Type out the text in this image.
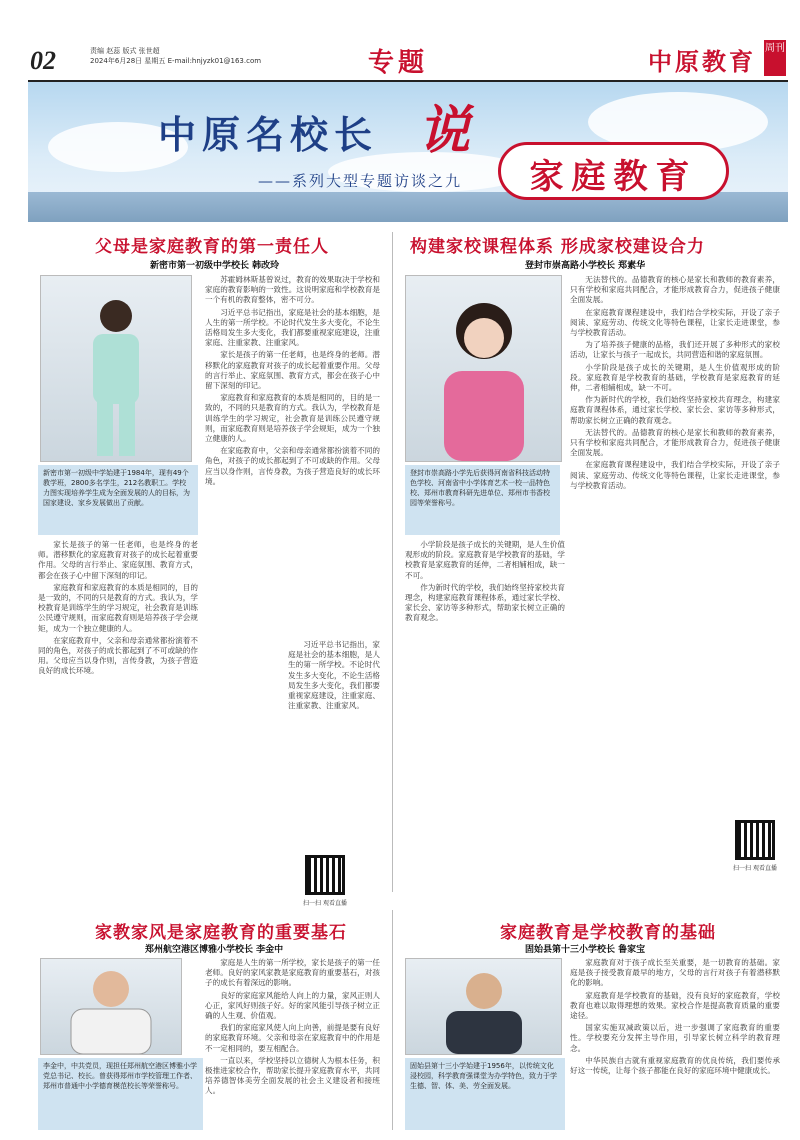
02	责编 赵蕊 版式 张世超
2024年6月28日 星期五 E-mail:hnjyzk01@163.com	专题	中原教育 周刊
中原名校长 说
——系列大型专题访谈之九	家庭教育
父母是家庭教育的第一责任人
新密市第一初级中学校长 韩改玲
新密市第一初级中学始建于1984年，现有49个教学班，2800多名学生，212名教职工。学校力图实现培养学生成为全面发展的人的目标，为国家建设、家乡发展做出了贡献。

家长是孩子的第一任老师，也是终身的老师。潜移默化的家庭教育对孩子的成长起着重要作用。父母的言行举止、家庭氛围、教育方式，都会在孩子心中留下深刻的印记。

家庭教育和家庭教育的本质是相同的，目的是一致的，不同的只是教育的方式。我认为，学校教育是训练学生的学习规定，社会教育是训练公民遵守规则，而家庭教育则是培养孩子学会规矩，成为一个独立健康的人。

在家庭教育中，父亲和母亲通常都扮演着不同的角色，对孩子的成长都起到了不可或缺的作用。父母应当以身作则，言传身教，为孩子营造良好的成长环境。

苏霍姆林斯基曾说过，教育的效果取决于学校和家庭的教育影响的一致性。这说明家庭和学校教育是一个有机的教育整体，密不可分。

习近平总书记指出，家庭是社会的基本细胞，是人生的第一所学校。不论时代发生多大变化，不论生活格局发生多大变化，我们都要重视家庭建设，注重家庭、注重家教、注重家风。

家长是孩子的第一任老师，也是终身的老师。潜移默化的家庭教育对孩子的成长起着重要作用。父母的言行举止、家庭氛围、教育方式，都会在孩子心中留下深刻的印记。

家庭教育和家庭教育的本质是相同的，目的是一致的，不同的只是教育的方式。我认为，学校教育是训练学生的学习规定，社会教育是训练公民遵守规则，而家庭教育则是培养孩子学会规矩，成为一个独立健康的人。

在家庭教育中，父亲和母亲通常都扮演着不同的角色，对孩子的成长都起到了不可或缺的作用。父母应当以身作则，言传身教，为孩子营造良好的成长环境。

习近平总书记指出，家庭是社会的基本细胞，是人生的第一所学校。不论时代发生多大变化，不论生活格局发生多大变化，我们都要重视家庭建设，注重家庭、注重家教、注重家风。

扫一扫 观看直播
构建家校课程体系 形成家校建设合力
登封市崇高路小学校长 郑素华
登封市崇高路小学先后获得河南省科技活动特色学校、河南省中小学体育艺术一校一品特色校、郑州市教育科研先进单位、郑州市书香校园等荣誉称号。

小学阶段是孩子成长的关键期，是人生价值观形成的阶段。家庭教育是学校教育的基础，学校教育是家庭教育的延伸，二者相辅相成，缺一不可。

作为新时代的学校，我们始终坚持家校共育理念，构建家庭教育课程体系，通过家长学校、家长会、家访等多种形式，帮助家长树立正确的教育观念。

无法替代的。品德教育的核心是家长和教师的教育素养，只有学校和家庭共同配合，才能形成教育合力，促进孩子健康全面发展。

在家庭教育课程建设中，我们结合学校实际，开设了亲子阅读、家庭劳动、传统文化等特色课程，让家长走进课堂，参与学校教育活动。

为了培养孩子健康的品格，我们还开展了多种形式的家校活动，让家长与孩子一起成长，共同营造和谐的家庭氛围。

小学阶段是孩子成长的关键期，是人生价值观形成的阶段。家庭教育是学校教育的基础，学校教育是家庭教育的延伸，二者相辅相成，缺一不可。

作为新时代的学校，我们始终坚持家校共育理念，构建家庭教育课程体系，通过家长学校、家长会、家访等多种形式，帮助家长树立正确的教育观念。

无法替代的。品德教育的核心是家长和教师的教育素养，只有学校和家庭共同配合，才能形成教育合力，促进孩子健康全面发展。

在家庭教育课程建设中，我们结合学校实际，开设了亲子阅读、家庭劳动、传统文化等特色课程，让家长走进课堂，参与学校教育活动。

扫一扫 观看直播
家教家风是家庭教育的重要基石
郑州航空港区博雅小学校长 李金中
李金中，中共党员，现担任郑州航空港区博雅小学党总书记、校长。曾获得郑州市学校管理工作者、郑州市普通中小学德育模范校长等荣誉称号。

家庭是人生的第一所学校，家长是孩子的第一任老师。良好的家风家教是家庭教育的重要基石，对孩子的成长有着深远的影响。

良好的家庭家风能给人向上的力量，家风正则人心正，家风好则孩子好。好的家风能引导孩子树立正确的人生观、价值观。

我们的家庭家风使人向上向善，前提是要有良好的家庭教育环境。父亲和母亲在家庭教育中的作用是不一定相同的，要互相配合。

一直以来，学校坚持以立德树人为根本任务，积极推进家校合作，帮助家长提升家庭教育水平，共同培养德智体美劳全面发展的社会主义建设者和接班人。

家庭教育是学校教育的基础
固始县第十三小学校长 鲁家宝
固始县第十三小学始建于1956年，以传统文化浸校园，科学教育强课堂为办学特色，致力于学生德、智、体、美、劳全面发展。

家庭教育对于孩子成长至关重要，是一切教育的基础。家庭是孩子接受教育最早的地方，父母的言行对孩子有着潜移默化的影响。

家庭教育是学校教育的基础，没有良好的家庭教育，学校教育也难以取得理想的效果。家校合作是提高教育质量的重要途径。

国家实施双减政策以后，进一步强调了家庭教育的重要性。学校要充分发挥主导作用，引导家长树立科学的教育理念。

中华民族自古就有重视家庭教育的优良传统，我们要传承好这一传统，让每个孩子都能在良好的家庭环境中健康成长。
